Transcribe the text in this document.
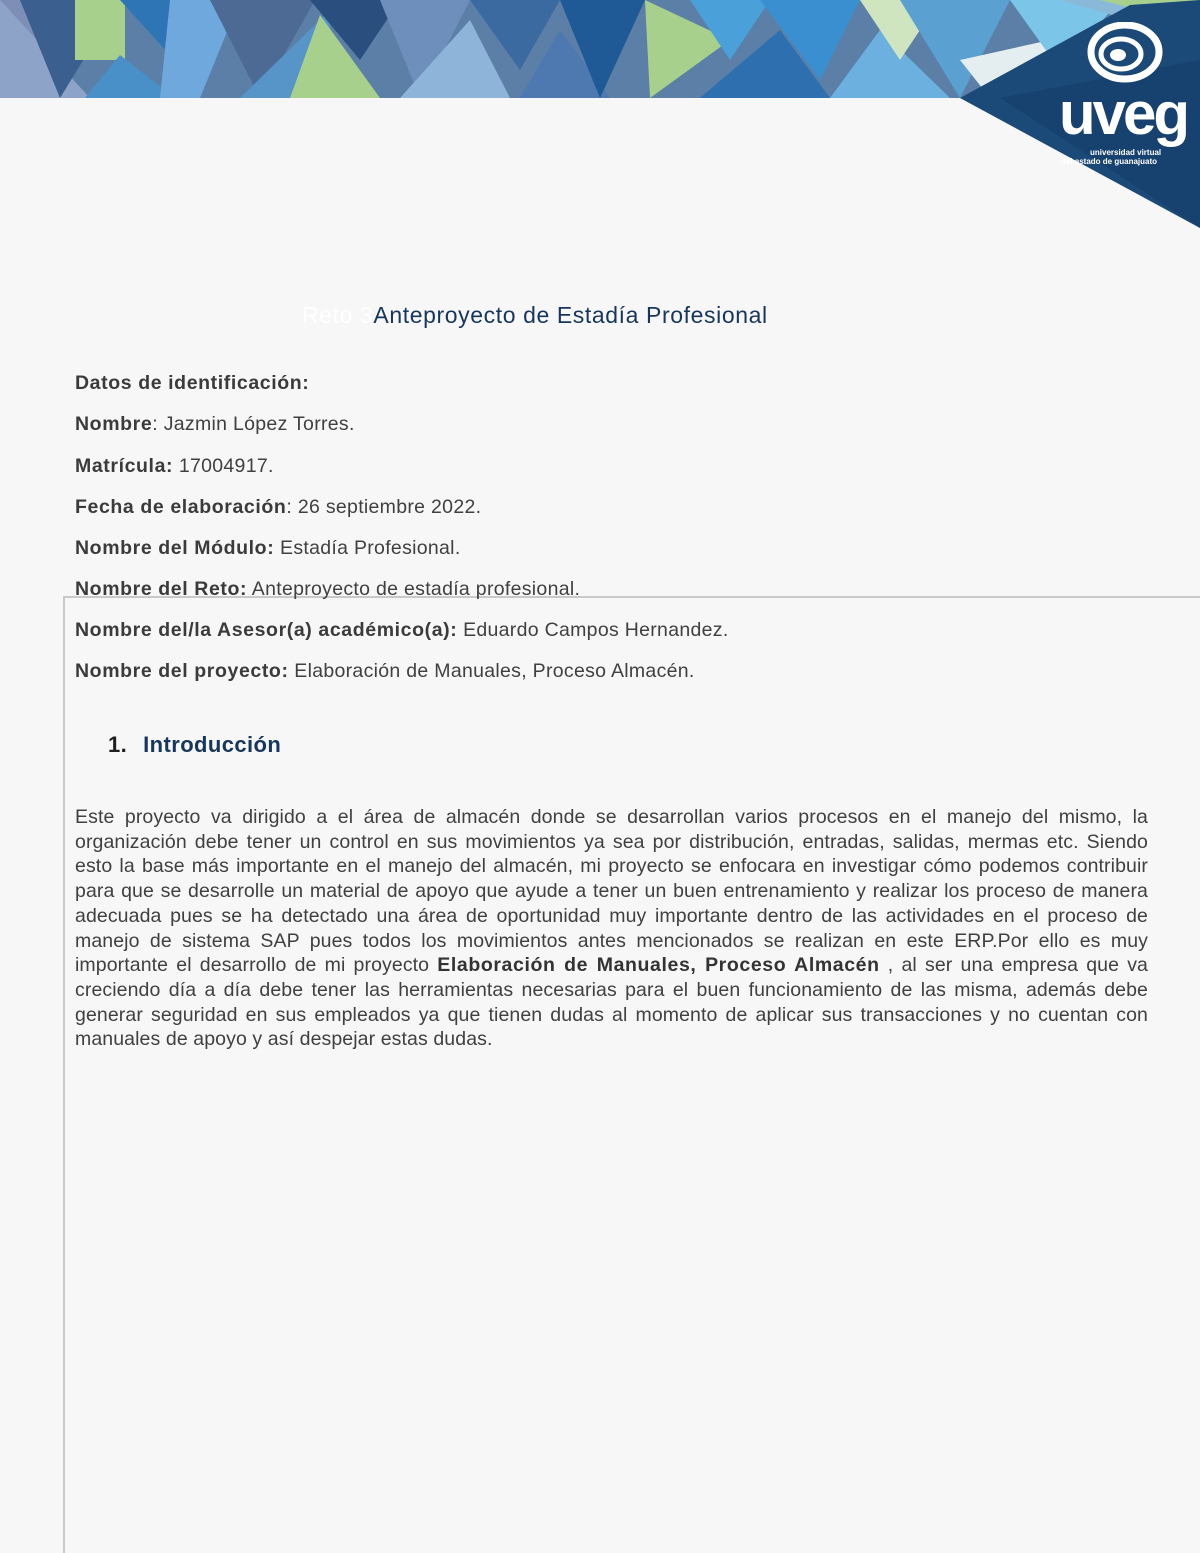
uveg
universidad virtual
del estado de guanajuato
Reto 3Anteproyecto de Estadía Profesional
Datos de identificación:
Nombre: Jazmin López Torres.
Matrícula: 17004917.
Fecha de elaboración: 26 septiembre 2022.
Nombre del Módulo: Estadía Profesional.
Nombre del Reto: Anteproyecto de estadía profesional.
Nombre del/la Asesor(a) académico(a): Eduardo Campos Hernandez.
Nombre del proyecto: Elaboración de Manuales, Proceso Almacén.
1. Introducción
Este proyecto va dirigido a el área de almacén donde se desarrollan varios procesos en el manejo del mismo, la organización debe tener un control en sus movimientos ya sea por distribución, entradas, salidas, mermas etc. Siendo esto la base más importante en el manejo del almacén, mi proyecto se enfocara en investigar cómo podemos contribuir para que se desarrolle un material de apoyo que ayude a tener un buen entrenamiento y realizar los proceso de manera adecuada pues se ha detectado una área de oportunidad muy importante dentro de las actividades en el proceso de manejo de sistema SAP pues todos los movimientos antes mencionados se realizan en este ERP.Por ello es muy importante el desarrollo de mi proyecto Elaboración de Manuales, Proceso Almacén , al ser una empresa que va creciendo día a día debe tener las herramientas necesarias para el buen funcionamiento de las misma, además debe generar seguridad en sus empleados ya que tienen dudas al momento de aplicar sus transacciones y no cuentan con manuales de apoyo y así despejar estas dudas.
